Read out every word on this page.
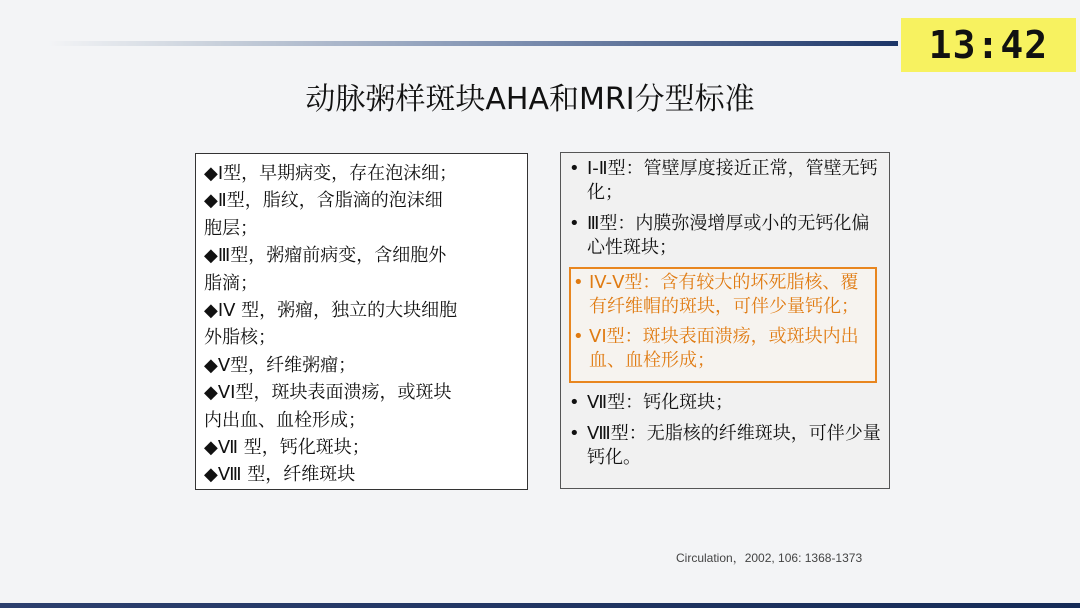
13:42
动脉粥样斑块AHA和MRI分型标准
◆I型，早期病变，存在泡沫细；
◆Ⅱ型，脂纹，含脂滴的泡沫细
胞层；
◆Ⅲ型，粥瘤前病变，含细胞外
脂滴；
◆IV 型，粥瘤，独立的大块细胞
外脂核；
◆V型，纤维粥瘤；
◆VI型，斑块表面溃疡，或斑块
内出血、血栓形成；
◆Ⅶ 型，钙化斑块；
◆Ⅷ 型，纤维斑块
• Ⅰ-Ⅱ型：管壁厚度接近正常，管壁无钙化；
• Ⅲ型：内膜弥漫增厚或小的无钙化偏心性斑块；
• IV-Ⅴ型：含有较大的坏死脂核、覆有纤维帽的斑块，可伴少量钙化；
• VI型：斑块表面溃疡，或斑块内出血、血栓形成；
• Ⅶ型：钙化斑块；
• Ⅷ型：无脂核的纤维斑块，可伴少量钙化。
Circulation，2002, 106: 1368-1373
